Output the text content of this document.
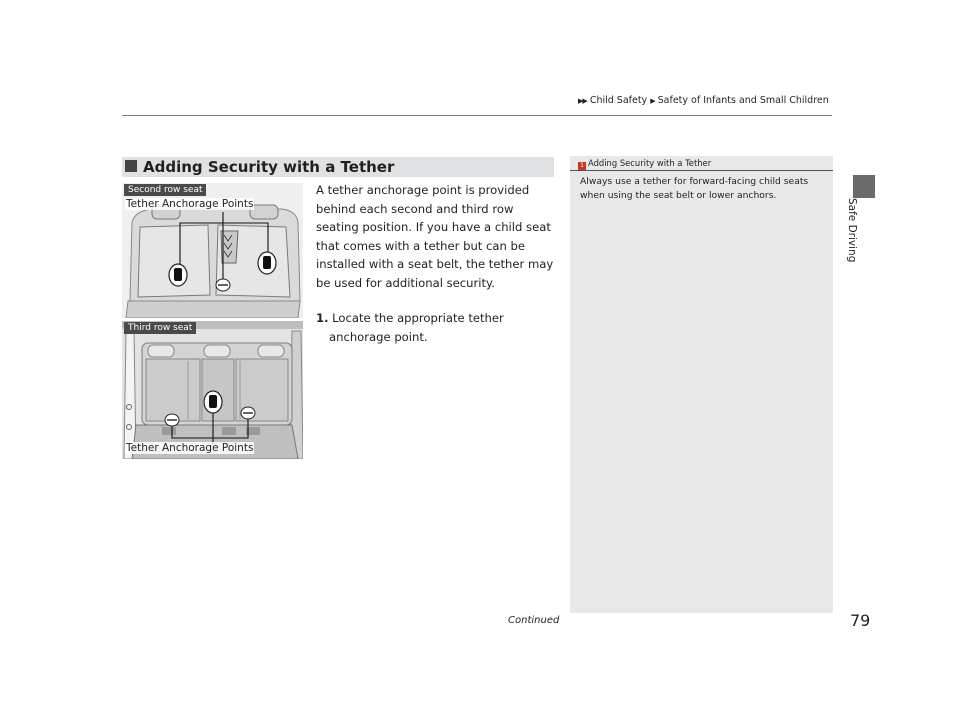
▶▶ Child Safety ▶ Safety of Infants and Small Children
Safe Driving
Adding Security with a Tether

A tether anchorage point is provided behind each second and third row seating position. If you have a child seat that comes with a tether but can be installed with a seat belt, the tether may be used for additional security.

1. Locate the appropriate tether anchorage point.

1 Adding Security with a Tether
Always use a tether for forward-facing child seats when using the seat belt or lower anchors.
Second row seat
Tether Anchorage Points
Third row seat
Tether Anchorage Points
Continued	79
